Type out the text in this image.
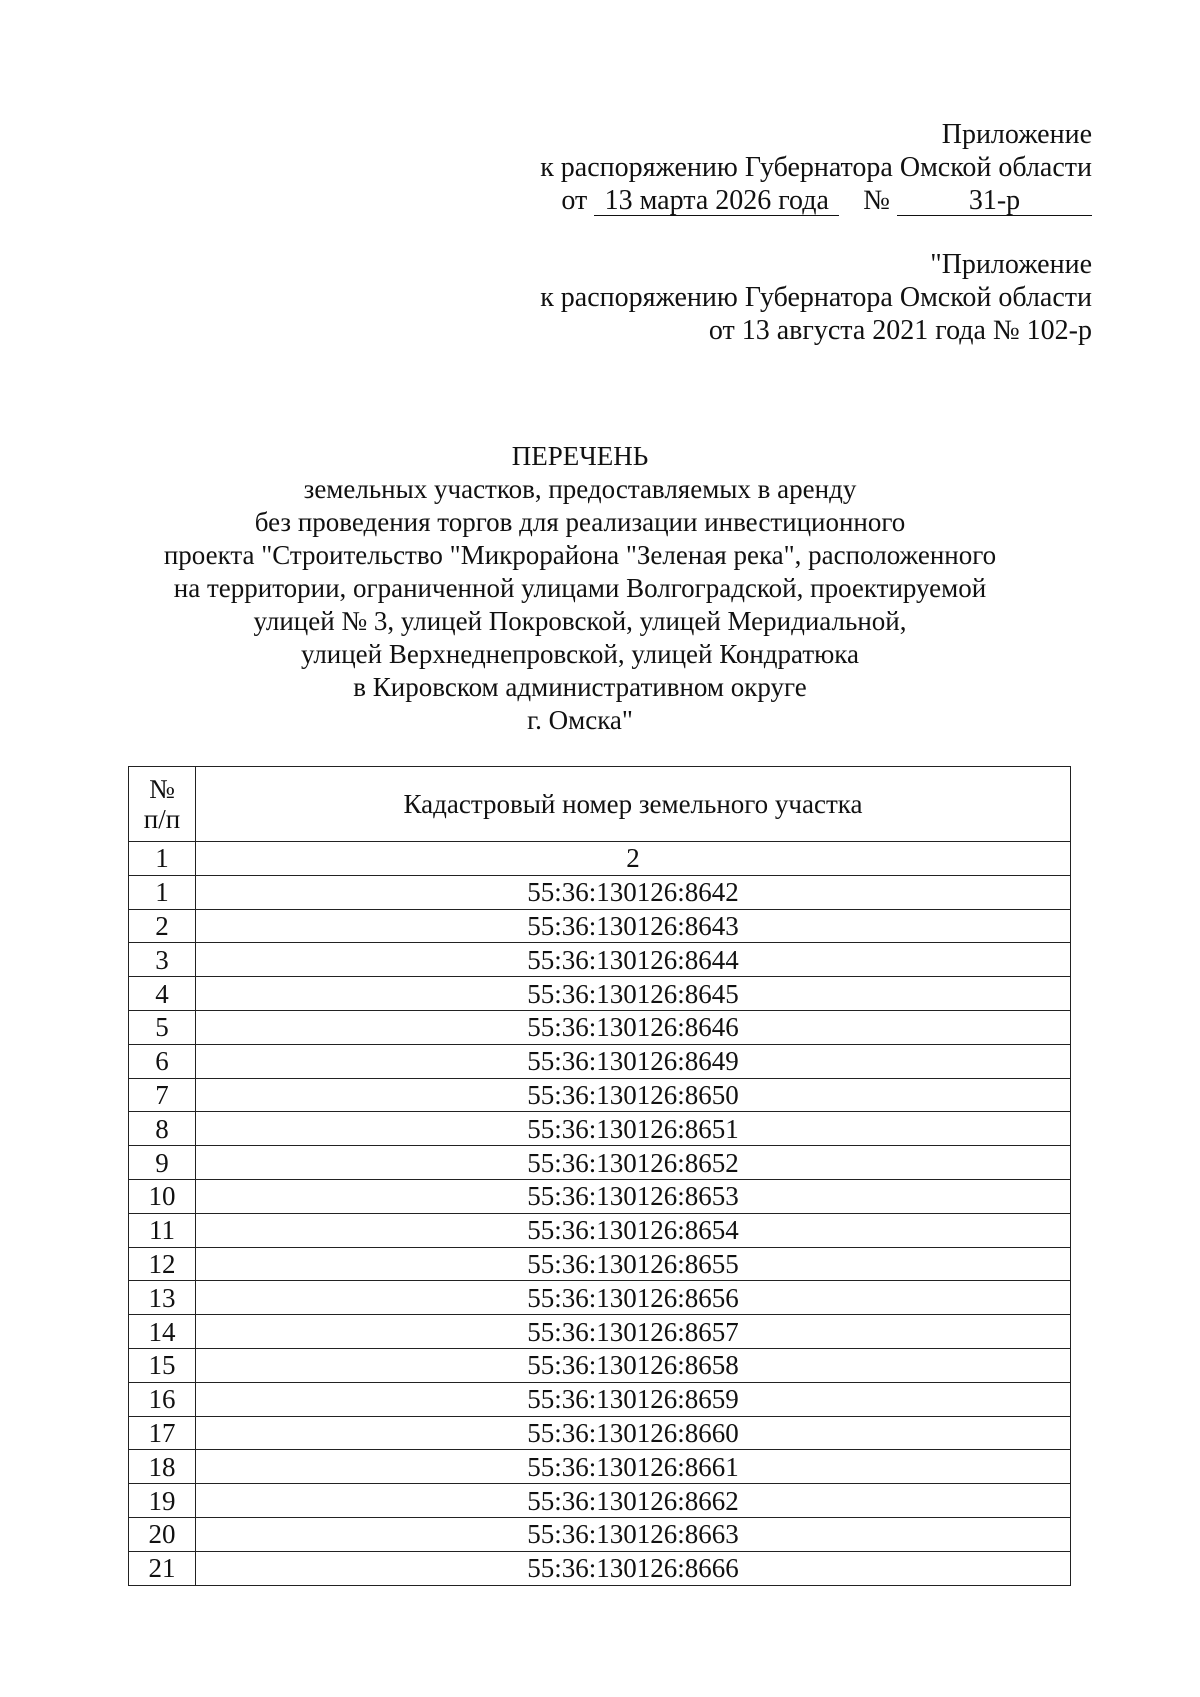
Приложение
к распоряжению Губернатора Омской области
от 13 марта 2026 года №	31-р
"Приложение
к распоряжению Губернатора Омской области
от 13 августа 2021 года № 102-р
ПЕРЕЧЕНЬ
земельных участков, предоставляемых в аренду
без проведения торгов для реализации инвестиционного
проекта "Строительство "Микрорайона "Зеленая река", расположенного
на территории, ограниченной улицами Волгоградской, проектируемой
улицей № 3, улицей Покровской, улицей Меридиальной,
улицей Верхнеднепровской, улицей Кондратюка
в Кировском административном округе
г. Омска"
№
п/п	Кадастровый номер земельного участка
1	2
1	55:36:130126:8642
2	55:36:130126:8643
3	55:36:130126:8644
4	55:36:130126:8645
5	55:36:130126:8646
6	55:36:130126:8649
7	55:36:130126:8650
8	55:36:130126:8651
9	55:36:130126:8652
10	55:36:130126:8653
11	55:36:130126:8654
12	55:36:130126:8655
13	55:36:130126:8656
14	55:36:130126:8657
15	55:36:130126:8658
16	55:36:130126:8659
17	55:36:130126:8660
18	55:36:130126:8661
19	55:36:130126:8662
20	55:36:130126:8663
21	55:36:130126:8666
